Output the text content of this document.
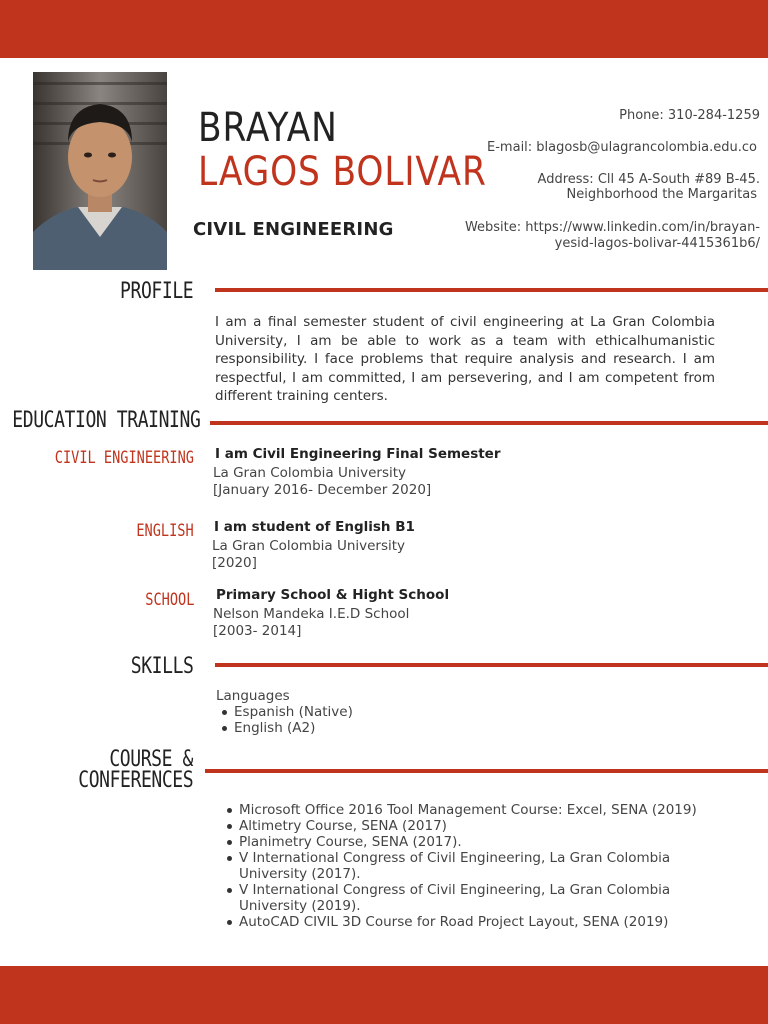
BRAYAN
LAGOS BOLIVAR
CIVIL ENGINEERING
Phone: 310-284-1259
E-mail: blagosb@ulagrancolombia.edu.co
Address: Cll 45 A-South #89 B-45.
Neighborhood the Margaritas
Website: https://www.linkedin.com/in/brayan-
yesid-lagos-bolivar-4415361b6/
PROFILE
I am a final semester student of civil engineering at La Gran Colombia University, I am be able to work as a team with ethicalhumanistic responsibility. I face problems that require analysis and research. I am respectful, I am committed, I am persevering, and I am competent from different training centers.
EDUCATION TRAINING
CIVIL ENGINEERING I am Civil Engineering Final Semester
La Gran Colombia University
[January 2016- December 2020]
ENGLISH I am student of English B1
La Gran Colombia University
[2020]
SCHOOL Primary School & Hight School
Nelson Mandeka I.E.D School
[2003- 2014]
SKILLS
Languages
Espanish (Native)
English (A2)
COURSE &
CONFERENCES
Microsoft Office 2016 Tool Management Course: Excel, SENA (2019)
Altimetry Course, SENA (2017)
Planimetry Course, SENA (2017).
V International Congress of Civil Engineering, La Gran Colombia University (2017).
V International Congress of Civil Engineering, La Gran Colombia University (2019).
AutoCAD CIVIL 3D Course for Road Project Layout, SENA (2019)
